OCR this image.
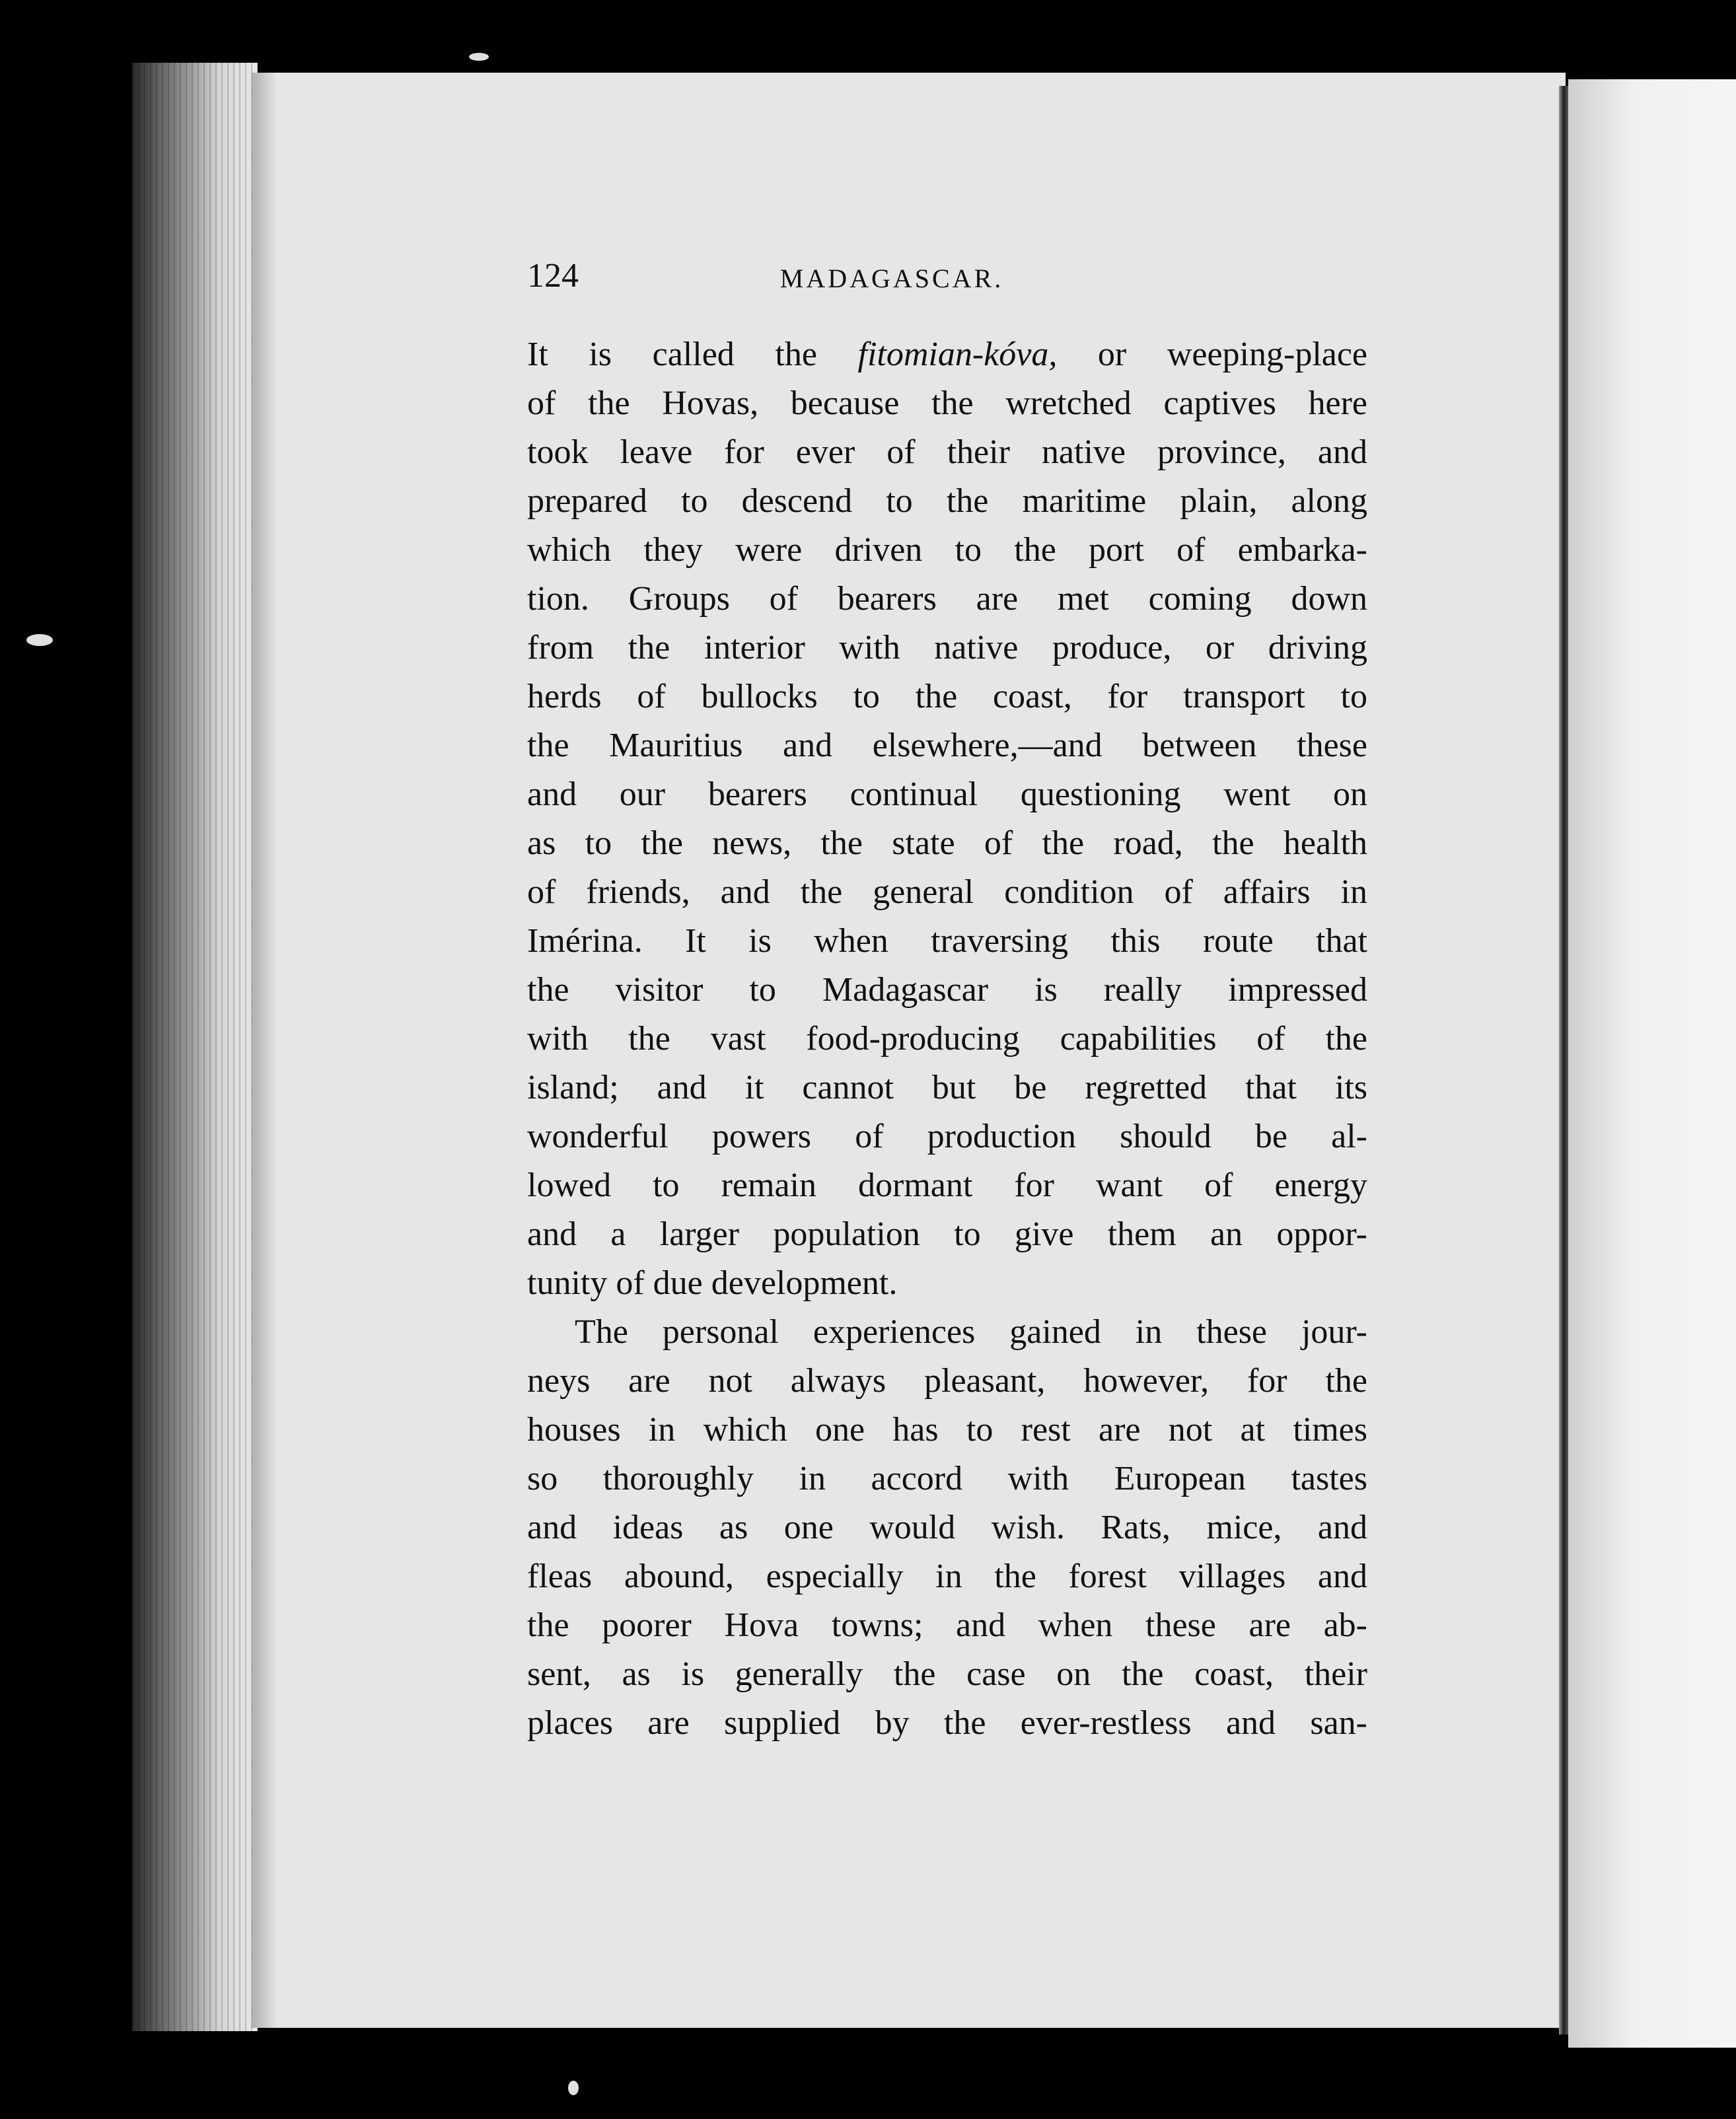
124	MADAGASCAR.
It is called the fitomian-kóva, or weeping-place
of the Hovas, because the wretched captives here
took leave for ever of their native province, and
prepared to descend to the maritime plain, along
which they were driven to the port of embarka-
tion. Groups of bearers are met coming down
from the interior with native produce, or driving
herds of bullocks to the coast, for transport to
the Mauritius and elsewhere,—and between these
and our bearers continual questioning went on
as to the news, the state of the road, the health
of friends, and the general condition of affairs in
Imérina. It is when traversing this route that
the visitor to Madagascar is really impressed
with the vast food-producing capabilities of the
island; and it cannot but be regretted that its
wonderful powers of production should be al-
lowed to remain dormant for want of energy
and a larger population to give them an oppor-
tunity of due development.
The personal experiences gained in these jour-
neys are not always pleasant, however, for the
houses in which one has to rest are not at times
so thoroughly in accord with European tastes
and ideas as one would wish. Rats, mice, and
fleas abound, especially in the forest villages and
the poorer Hova towns; and when these are ab-
sent, as is generally the case on the coast, their
places are supplied by the ever-restless and san-
